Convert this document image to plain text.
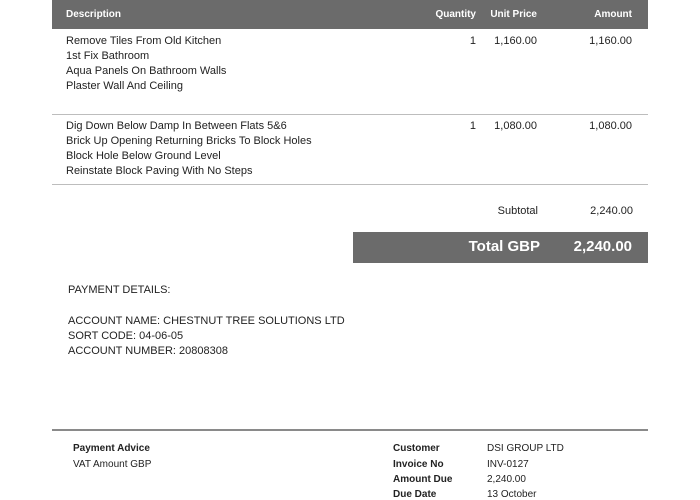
Description	Quantity Unit Price	Amount
Remove Tiles From Old Kitchen
1st Fix Bathroom
Aqua Panels On Bathroom Walls
Plaster Wall And Ceiling
1 1,160.00	1,160.00
Dig Down Below Damp In Between Flats 5&6
Brick Up Opening Returning Bricks To Block Holes
Block Hole Below Ground Level
Reinstate Block Paving With No Steps
1 1,080.00	1,080.00
Subtotal	2,240.00
Total GBP 2,240.00
PAYMENT DETAILS:
ACCOUNT NAME: CHESTNUT TREE SOLUTIONS LTD
SORT CODE: 04-06-05
ACCOUNT NUMBER: 20808308
Payment Advice
VAT Amount GBP
Customer	DSI GROUP LTD
Invoice No	INV-0127
Amount Due	2,240.00
Due Date	13 October
